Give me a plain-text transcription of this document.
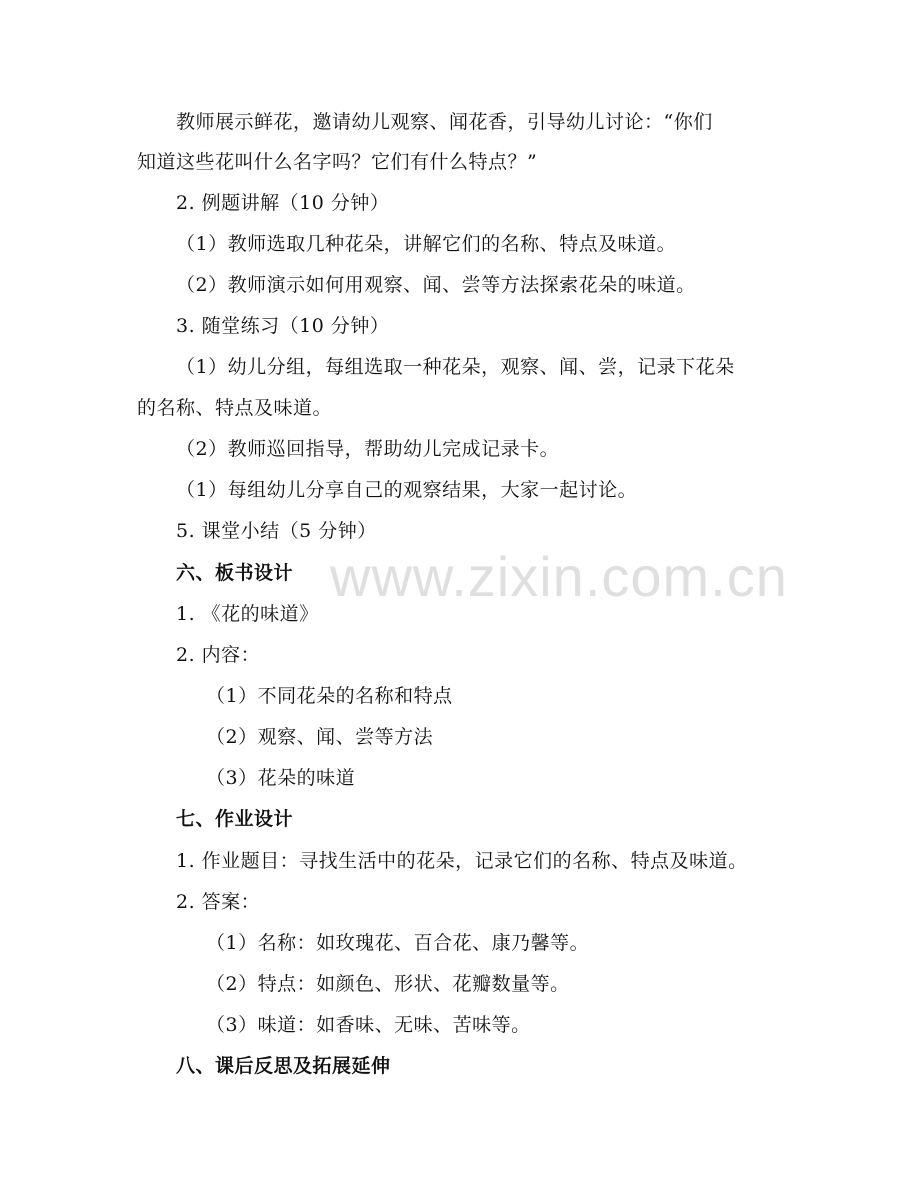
教师展示鲜花，邀请幼儿观察、闻花香，引导幼儿讨论：“你们
知道这些花叫什么名字吗？它们有什么特点？”
2. 例题讲解（10 分钟）
（1）教师选取几种花朵，讲解它们的名称、特点及味道。
（2）教师演示如何用观察、闻、尝等方法探索花朵的味道。
3. 随堂练习（10 分钟）
（1）幼儿分组，每组选取一种花朵，观察、闻、尝，记录下花朵
的名称、特点及味道。
（2）教师巡回指导，帮助幼儿完成记录卡。
（1）每组幼儿分享自己的观察结果，大家一起讨论。
5. 课堂小结（5 分钟）
六、板书设计
1. 《花的味道》
2. 内容：
（1）不同花朵的名称和特点
（2）观察、闻、尝等方法
（3）花朵的味道
七、作业设计
1. 作业题目：寻找生活中的花朵，记录它们的名称、特点及味道。
2. 答案：
（1）名称：如玫瑰花、百合花、康乃馨等。
（2）特点：如颜色、形状、花瓣数量等。
（3）味道：如香味、无味、苦味等。
八、课后反思及拓展延伸
www.zixin.com.cn
